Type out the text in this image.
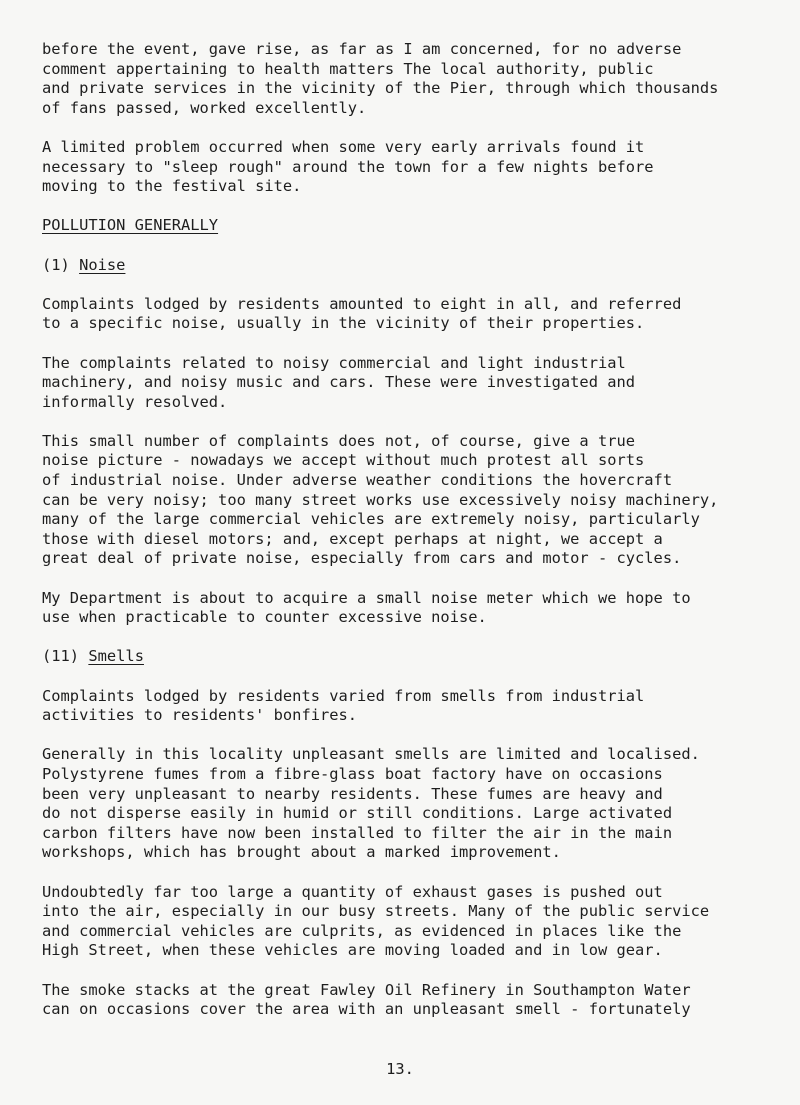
before the event, gave rise, as far as I am concerned, for no adverse
comment appertaining to health matters The local authority, public
and private services in the vicinity of the Pier, through which thousands
of fans passed, worked excellently.
A limited problem occurred when some very early arrivals found it
necessary to "sleep rough" around the town for a few nights before
moving to the festival site.
POLLUTION GENERALLY
(1) Noise
Complaints lodged by residents amounted to eight in all, and referred
to a specific noise, usually in the vicinity of their properties.
The complaints related to noisy commercial and light industrial
machinery, and noisy music and cars. These were investigated and
informally resolved.
This small number of complaints does not, of course, give a true
noise picture - nowadays we accept without much protest all sorts
of industrial noise. Under adverse weather conditions the hovercraft
can be very noisy; too many street works use excessively noisy machinery,
many of the large commercial vehicles are extremely noisy, particularly
those with diesel motors; and, except perhaps at night, we accept a
great deal of private noise, especially from cars and motor - cycles.
My Department is about to acquire a small noise meter which we hope to
use when practicable to counter excessive noise.
(11) Smells
Complaints lodged by residents varied from smells from industrial
activities to residents' bonfires.
Generally in this locality unpleasant smells are limited and localised.
Polystyrene fumes from a fibre-glass boat factory have on occasions
been very unpleasant to nearby residents. These fumes are heavy and
do not disperse easily in humid or still conditions. Large activated
carbon filters have now been installed to filter the air in the main
workshops, which has brought about a marked improvement.
Undoubtedly far too large a quantity of exhaust gases is pushed out
into the air, especially in our busy streets. Many of the public service
and commercial vehicles are culprits, as evidenced in places like the
High Street, when these vehicles are moving loaded and in low gear.
The smoke stacks at the great Fawley Oil Refinery in Southampton Water
can on occasions cover the area with an unpleasant smell - fortunately
13.
